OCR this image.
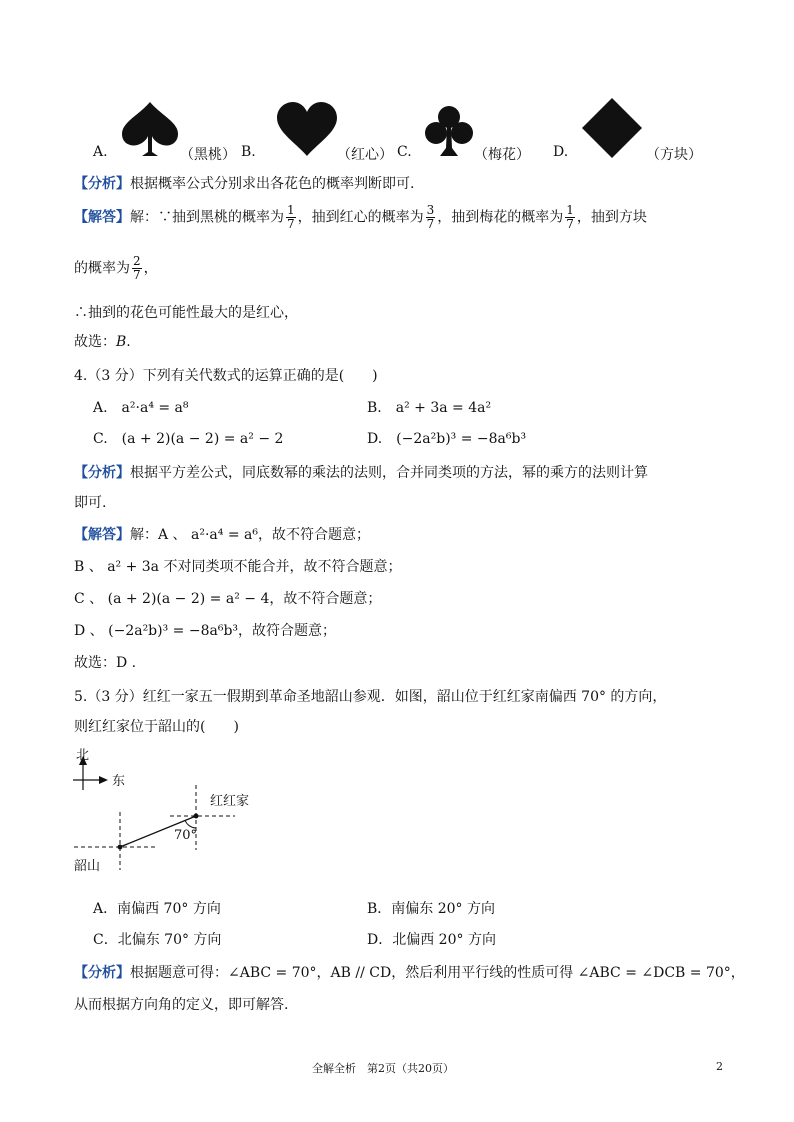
A.	（黑桃） B.	（红心） C.	（梅花） D.	（方块）
【分析】根据概率公式分别求出各花色的概率判断即可.
【解答】解：∵抽到黑桃的概率为 $\frac{1}{7}$ ，抽到红心的概率为 $\frac{3}{7}$ ，抽到梅花的概率为 $\frac{1}{7}$ ，抽到方块
的概率为 $\frac{2}{7}$ ，
∴抽到的花色可能性最大的是红心，
故选：B.
4.（3 分）下列有关代数式的运算正确的是(　　)
A.　a²·a⁴ = a⁸	B.　a² + 3a = 4a²
C.　(a + 2)(a − 2) = a² − 2	D.　(−2a²b)³ = −8a⁶b³
【分析】根据平方差公式，同底数幂的乘法的法则，合并同类项的方法，幂的乘方的法则计算
即可.
【解答】解：A 、 a²·a⁴ = a⁶，故不符合题意；
B 、 a² + 3a 不对同类项不能合并，故不符合题意；
C 、 (a + 2)(a − 2) = a² − 4，故不符合题意；
D 、 (−2a²b)³ = −8a⁶b³，故符合题意；
故选：D .
5.（3 分）红红一家五一假期到革命圣地韶山参观．如图，韶山位于红红家南偏西 70° 的方向，
则红红家位于韶山的(　　)
北
东
红红家
70°
韶山
A．南偏西 70° 方向	B．南偏东 20° 方向
C．北偏东 70° 方向	D．北偏西 20° 方向
【分析】根据题意可得：∠ABC = 70°，AB // CD，然后利用平行线的性质可得 ∠ABC = ∠DCB = 70°，
从而根据方向角的定义，即可解答.
全解全析　第2页（共20页）	2
